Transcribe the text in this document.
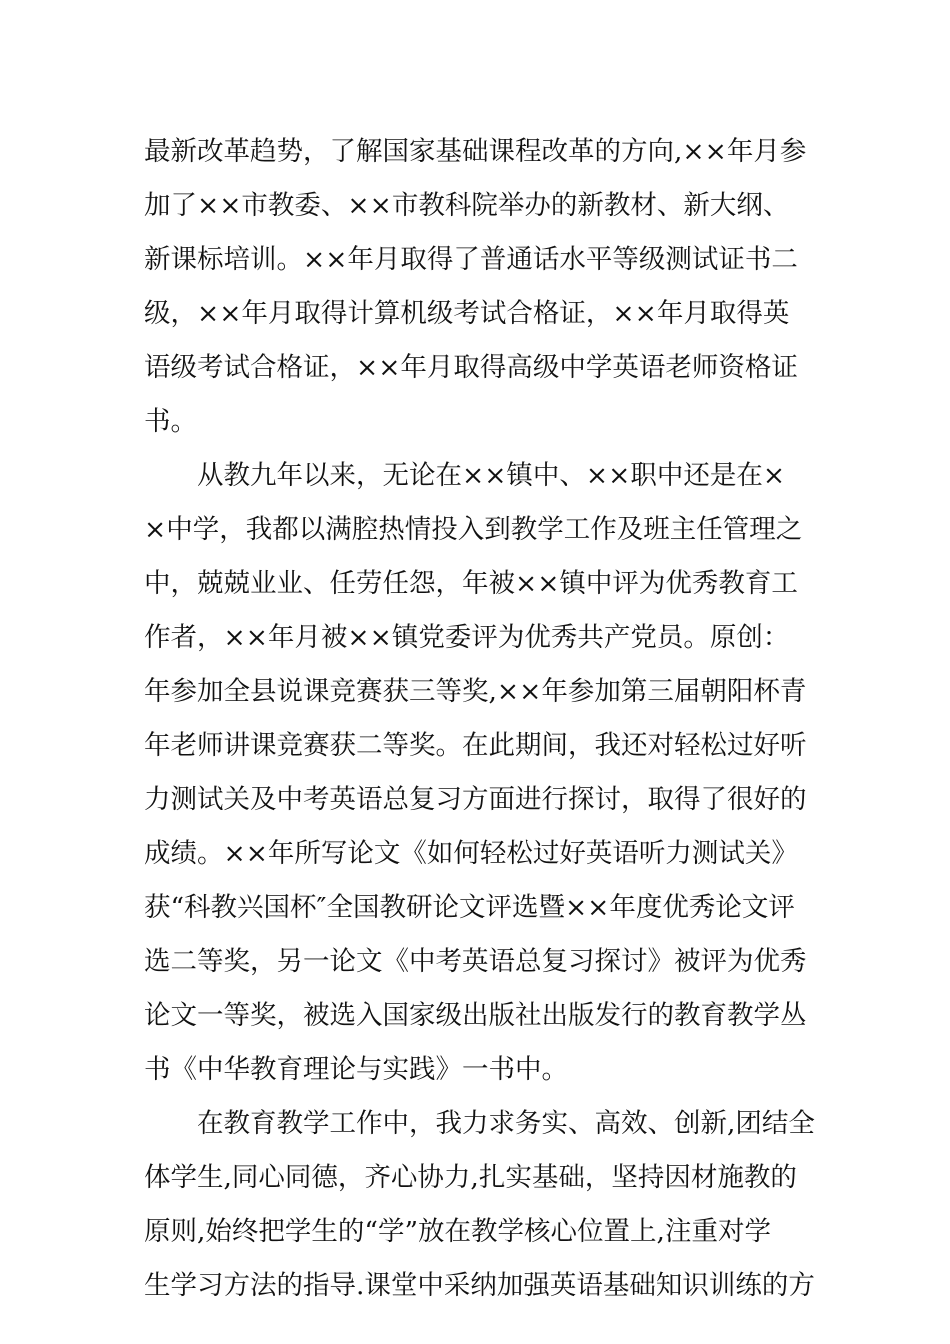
最新改革趋势，了解国家基础课程改革的方向,××年月参
加了××市教委、××市教科院举办的新教材、新大纲、
新课标培训。××年月取得了普通话水平等级测试证书二
级，××年月取得计算机级考试合格证，××年月取得英
语级考试合格证，××年月取得高级中学英语老师资格证
书。
从教九年以来，无论在××镇中、××职中还是在×
×中学，我都以满腔热情投入到教学工作及班主任管理之
中，兢兢业业、任劳任怨，年被××镇中评为优秀教育工
作者，××年月被××镇党委评为优秀共产党员。原创：
年参加全县说课竞赛获三等奖,××年参加第三届朝阳杯青
年老师讲课竞赛获二等奖。在此期间，我还对轻松过好听
力测试关及中考英语总复习方面进行探讨，取得了很好的
成绩。××年所写论文《如何轻松过好英语听力测试关》
获“科教兴国杯″全国教研论文评选暨××年度优秀论文评
选二等奖，另一论文《中考英语总复习探讨》被评为优秀
论文一等奖，被选入国家级出版社出版发行的教育教学丛
书《中华教育理论与实践》一书中。
在教育教学工作中，我力求务实、高效、创新,团结全
体学生,同心同德，齐心协力,扎实基础，坚持因材施教的
原则,始终把学生的“学”放在教学核心位置上,注重对学
生学习方法的指导.课堂中采纳加强英语基础知识训练的方
